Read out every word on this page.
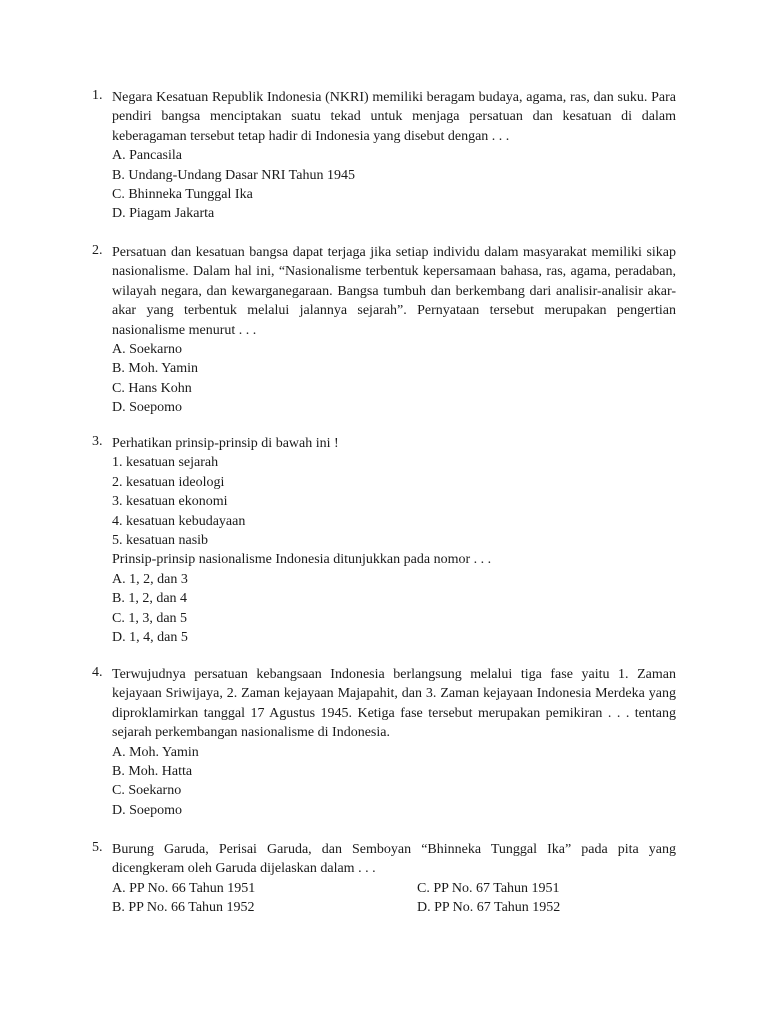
1. Negara Kesatuan Republik Indonesia (NKRI) memiliki beragam budaya, agama, ras, dan suku. Para pendiri bangsa menciptakan suatu tekad untuk menjaga persatuan dan kesatuan di dalam keberagaman tersebut tetap hadir di Indonesia yang disebut dengan . . .

A. Pancasila
B. Undang-Undang Dasar NRI Tahun 1945
C. Bhinneka Tunggal Ika
D. Piagam Jakarta
2. Persatuan dan kesatuan bangsa dapat terjaga jika setiap individu dalam masyarakat memiliki sikap nasionalisme. Dalam hal ini, “Nasionalisme terbentuk kepersamaan bahasa, ras, agama, peradaban, wilayah negara, dan kewarganegaraan. Bangsa tumbuh dan berkembang dari analisir-analisir akar-akar yang terbentuk melalui jalannya sejarah”. Pernyataan tersebut merupakan pengertian nasionalisme menurut . . .

A. Soekarno
B. Moh. Yamin
C. Hans Kohn
D. Soepomo
3. Perhatikan prinsip-prinsip di bawah ini !

1. kesatuan sejarah
2. kesatuan ideologi
3. kesatuan ekonomi
4. kesatuan kebudayaan
5. kesatuan nasib
Prinsip-prinsip nasionalisme Indonesia ditunjukkan pada nomor . . .
A. 1, 2, dan 3
B. 1, 2, dan 4
C. 1, 3, dan 5
D. 1, 4, dan 5
4. Terwujudnya persatuan kebangsaan Indonesia berlangsung melalui tiga fase yaitu 1. Zaman kejayaan Sriwijaya, 2. Zaman kejayaan Majapahit, dan 3. Zaman kejayaan Indonesia Merdeka yang diproklamirkan tanggal 17 Agustus 1945. Ketiga fase tersebut merupakan pemikiran . . . tentang sejarah perkembangan nasionalisme di Indonesia.

A. Moh. Yamin
B. Moh. Hatta
C. Soekarno
D. Soepomo
5. Burung Garuda, Perisai Garuda, dan Semboyan “Bhinneka Tunggal Ika” pada pita yang dicengkeram oleh Garuda dijelaskan dalam . . .

A. PP No. 66 Tahun 1951	C. PP No. 67 Tahun 1951
B. PP No. 66 Tahun 1952	D. PP No. 67 Tahun 1952
